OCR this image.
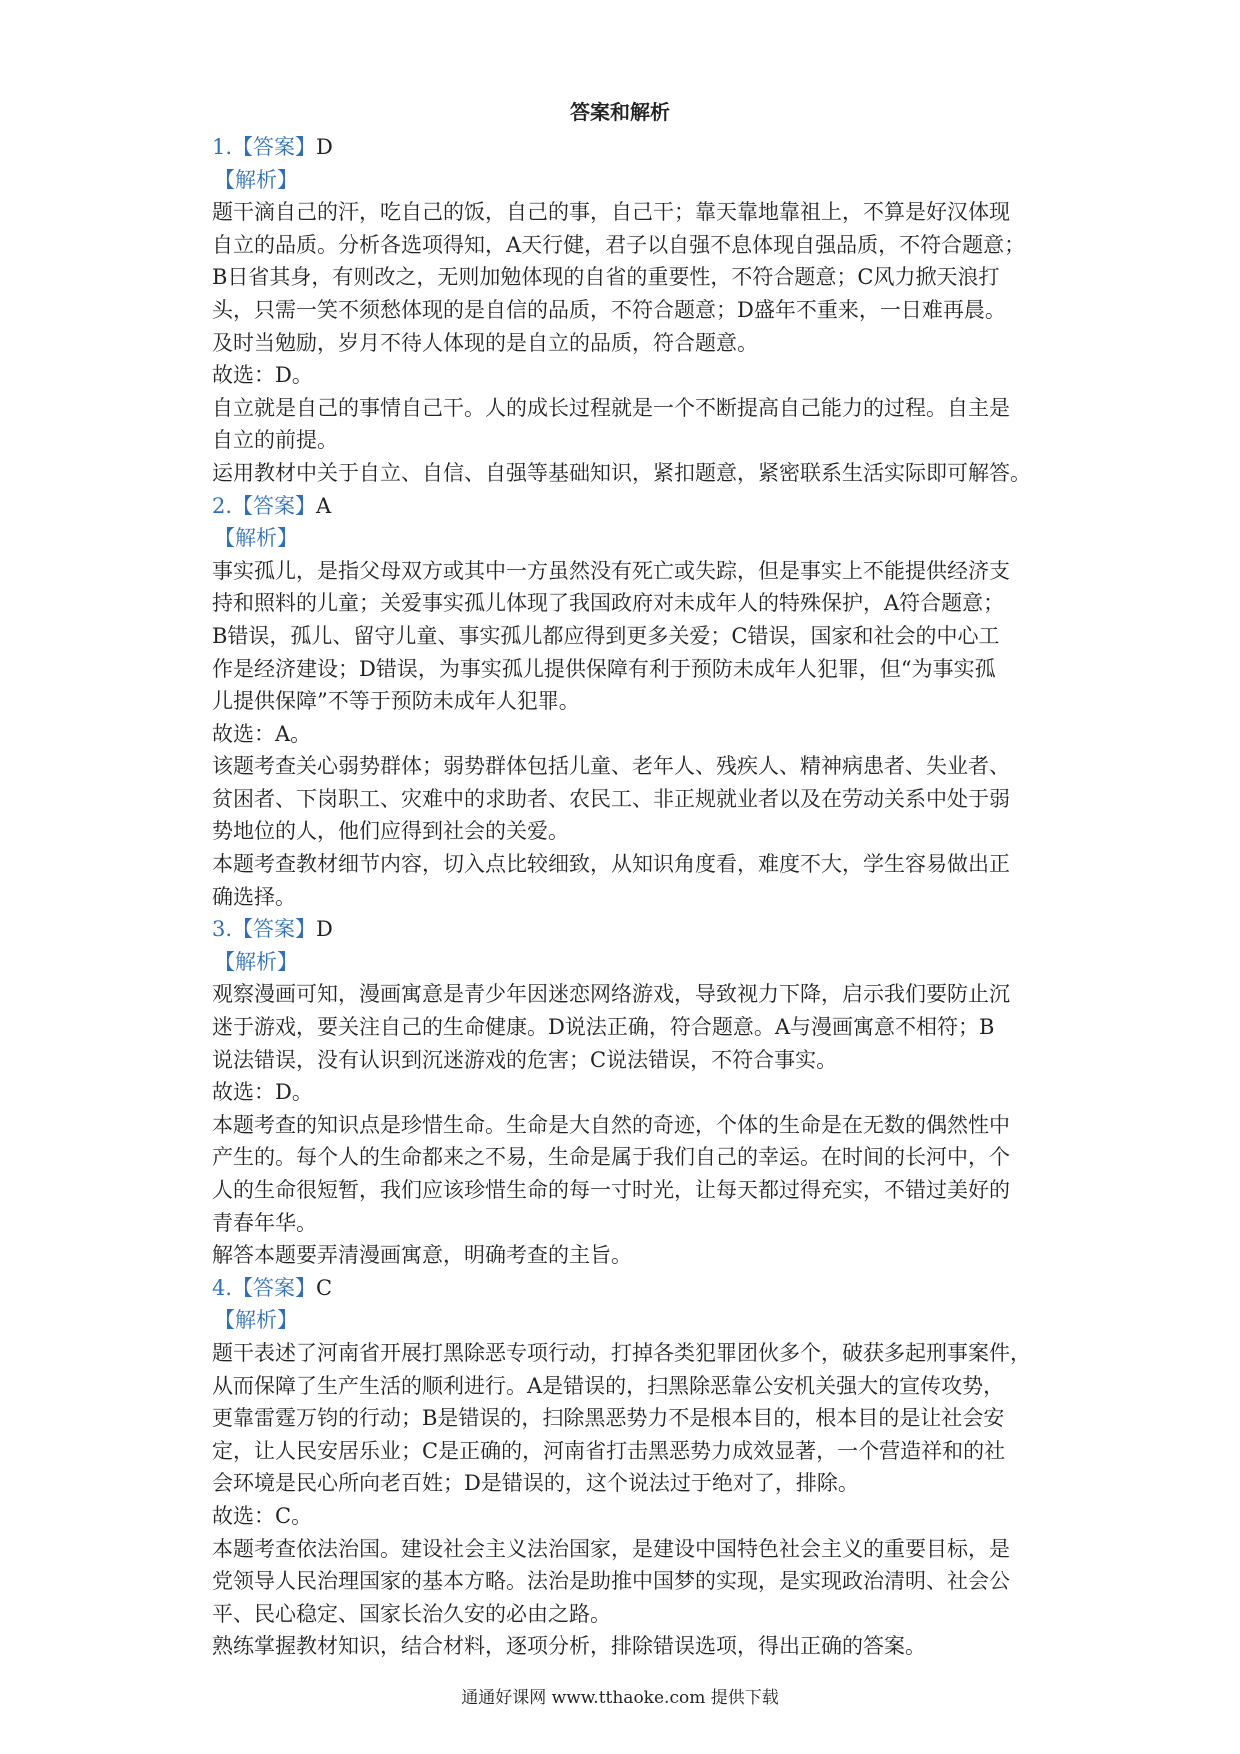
答案和解析
1.【答案】D
【解析】
题干滴自己的汗，吃自己的饭，自己的事，自己干；靠天靠地靠祖上，不算是好汉体现
自立的品质。分析各选项得知，A天行健，君子以自强不息体现自强品质，不符合题意；
B日省其身，有则改之，无则加勉体现的自省的重要性，不符合题意；C风力掀天浪打
头，只需一笑不须愁体现的是自信的品质，不符合题意；D盛年不重来，一日难再晨。
及时当勉励，岁月不待人体现的是自立的品质，符合题意。
故选：D。
自立就是自己的事情自己干。人的成长过程就是一个不断提高自己能力的过程。自主是
自立的前提。
运用教材中关于自立、自信、自强等基础知识，紧扣题意，紧密联系生活实际即可解答。
2.【答案】A
【解析】
事实孤儿，是指父母双方或其中一方虽然没有死亡或失踪，但是事实上不能提供经济支
持和照料的儿童；关爱事实孤儿体现了我国政府对未成年人的特殊保护，A符合题意；
B错误，孤儿、留守儿童、事实孤儿都应得到更多关爱；C错误，国家和社会的中心工
作是经济建设；D错误，为事实孤儿提供保障有利于预防未成年人犯罪，但“为事实孤
儿提供保障”不等于预防未成年人犯罪。
故选：A。
该题考查关心弱势群体；弱势群体包括儿童、老年人、残疾人、精神病患者、失业者、
贫困者、下岗职工、灾难中的求助者、农民工、非正规就业者以及在劳动关系中处于弱
势地位的人，他们应得到社会的关爱。
本题考查教材细节内容，切入点比较细致，从知识角度看，难度不大，学生容易做出正
确选择。
3.【答案】D
【解析】
观察漫画可知，漫画寓意是青少年因迷恋网络游戏，导致视力下降，启示我们要防止沉
迷于游戏，要关注自己的生命健康。D说法正确，符合题意。A与漫画寓意不相符；B
说法错误，没有认识到沉迷游戏的危害；C说法错误，不符合事实。
故选：D。
本题考查的知识点是珍惜生命。生命是大自然的奇迹，个体的生命是在无数的偶然性中
产生的。每个人的生命都来之不易，生命是属于我们自己的幸运。在时间的长河中，个
人的生命很短暂，我们应该珍惜生命的每一寸时光，让每天都过得充实，不错过美好的
青春年华。
解答本题要弄清漫画寓意，明确考查的主旨。
4.【答案】C
【解析】
题干表述了河南省开展打黑除恶专项行动，打掉各类犯罪团伙多个，破获多起刑事案件，
从而保障了生产生活的顺利进行。A是错误的，扫黑除恶靠公安机关强大的宣传攻势，
更靠雷霆万钧的行动；B是错误的，扫除黑恶势力不是根本目的，根本目的是让社会安
定，让人民安居乐业；C是正确的，河南省打击黑恶势力成效显著，一个营造祥和的社
会环境是民心所向老百姓；D是错误的，这个说法过于绝对了，排除。
故选：C。
本题考查依法治国。建设社会主义法治国家，是建设中国特色社会主义的重要目标，是
党领导人民治理国家的基本方略。法治是助推中国梦的实现，是实现政治清明、社会公
平、民心稳定、国家长治久安的必由之路。
熟练掌握教材知识，结合材料，逐项分析，排除错误选项，得出正确的答案。
通通好课网 www.tthaoke.com 提供下载
